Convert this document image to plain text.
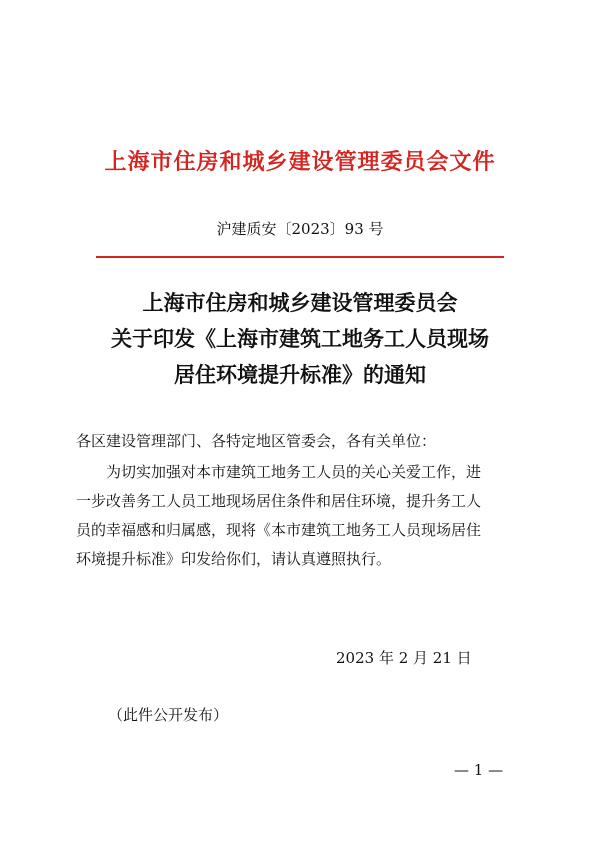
上海市住房和城乡建设管理委员会文件
沪建质安〔2023〕93 号
上海市住房和城乡建设管理委员会
关于印发《上海市建筑工地务工人员现场
居住环境提升标准》的通知
各区建设管理部门、各特定地区管委会，各有关单位：
为切实加强对本市建筑工地务工人员的关心关爱工作，进
一步改善务工人员工地现场居住条件和居住环境，提升务工人
员的幸福感和归属感，现将《本市建筑工地务工人员现场居住
环境提升标准》印发给你们，请认真遵照执行。
2023 年 2 月 21 日
（此件公开发布）
— 1 —
